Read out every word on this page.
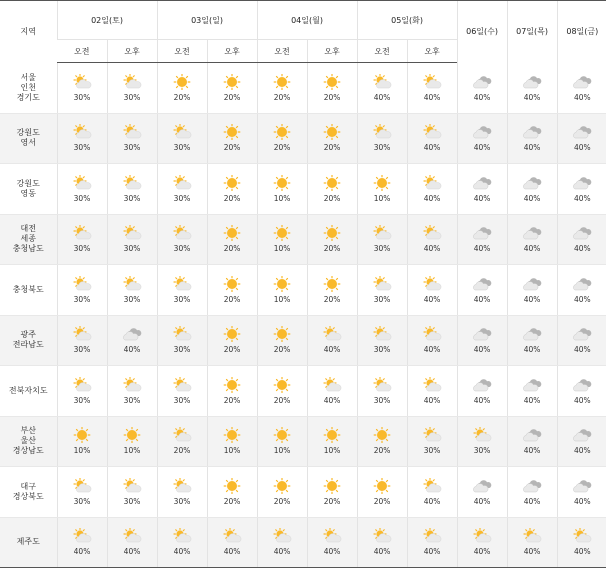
지역	02일(토)		03일(일)		04일(월)		05일(화)		06일(수)	07일(목)	08일(금)
	오전	오후	오전	오후	오전	오후	오전	오후			

서울
인천
경기도	30%	30%	20%	20%	20%	20%	40%	40%	40%	40%	40%

강원도
영서	30%	30%	30%	20%	20%	20%	30%	40%	40%	40%	40%

강원도
영동	30%	30%	30%	20%	10%	20%	10%	40%	40%	40%	40%

대전
세종
충청남도	30%	30%	30%	20%	10%	20%	30%	40%	40%	40%	40%

충청북도	30%	30%	30%	20%	10%	20%	30%	40%	40%	40%	40%

광주
전라남도	30%	40%	30%	20%	20%	40%	30%	40%	40%	40%	40%

전북자치도	30%	30%	30%	20%	20%	40%	30%	40%	40%	40%	40%

부산
울산
경상남도	10%	10%	20%	10%	10%	10%	20%	30%	30%	40%	40%

대구
경상북도	30%	30%	30%	20%	20%	20%	20%	40%	40%	40%	40%

제주도	40%	40%	40%	40%	40%	40%	40%	40%	40%	40%	40%
